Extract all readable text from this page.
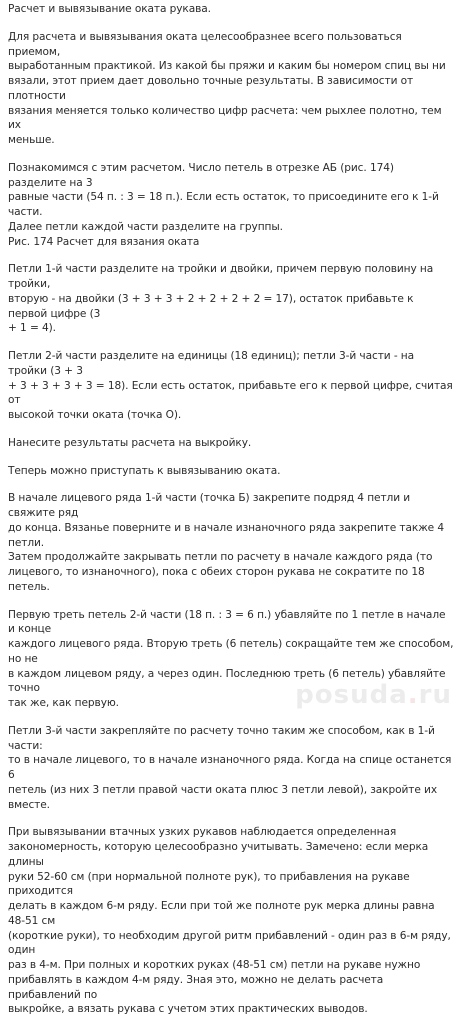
Расчет и вывязывание оката рукава.

Для расчета и вывязывания оката целесообразнее всего пользоваться приемом,
выработанным практикой. Из какой бы пряжи и каким бы номером спиц вы ни
вязали, этот прием дает довольно точные результаты. В зависимости от плотности
вязания меняется только количество цифр расчета: чем рыхлее полотно, тем их
меньше.

Познакомимся с этим расчетом. Число петель в отрезке АБ (рис. 174) разделите на 3
равные части (54 п. : 3 = 18 п.). Если есть остаток, то присоедините его к 1-й части.
Далее петли каждой части разделите на группы.
Рис. 174 Расчет для вязания оката

Петли 1-й части разделите на тройки и двойки, причем первую половину на тройки,
вторую - на двойки (3 + 3 + 3 + 2 + 2 + 2 + 2 = 17), остаток прибавьте к первой цифре (3
+ 1 = 4).

Петли 2-й части разделите на единицы (18 единиц); петли 3-й части - на тройки (3 + 3
+ 3 + 3 + 3 + 3 = 18). Если есть остаток, прибавьте его к первой цифре, считая от
высокой точки оката (точка О).

Нанесите результаты расчета на выкройку.

Теперь можно приступать к вывязыванию оката.

В начале лицевого ряда 1-й части (точка Б) закрепите подряд 4 петли и свяжите ряд
до конца. Вязанье поверните и в начале изнаночного ряда закрепите также 4 петли.
Затем продолжайте закрывать петли по расчету в начале каждого ряда (то
лицевого, то изнаночного), пока с обеих сторон рукава не сократите по 18 петель.

Первую треть петель 2-й части (18 п. : 3 = 6 п.) убавляйте по 1 петле в начале и конце
каждого лицевого ряда. Вторую треть (6 петель) сокращайте тем же способом, но не
в каждом лицевом ряду, а через один. Последнюю треть (6 петель) убавляйте точно
так же, как первую.

Петли 3-й части закрепляйте по расчету точно таким же способом, как в 1-й части:
то в начале лицевого, то в начале изнаночного ряда. Когда на спице останется 6
петель (из них 3 петли правой части оката плюс 3 петли левой), закройте их вместе.

При вывязывании втачных узких рукавов наблюдается определенная
закономерность, которую целесообразно учитывать. Замечено: если мерка длины
руки 52-60 см (при нормальной полноте рук), то прибавления на рукаве приходится
делать в каждом 6-м ряду. Если при той же полноте рук мерка длины равна 48-51 см
(короткие руки), то необходим другой ритм прибавлений - один раз в 6-м ряду, один
раз в 4-м. При полных и коротких руках (48-51 см) петли на рукаве нужно
прибавлять в каждом 4-м ряду. Зная это, можно не делать расчета прибавлений по
выкройке, а вязать рукава с учетом этих практических выводов.

posuda.ru
